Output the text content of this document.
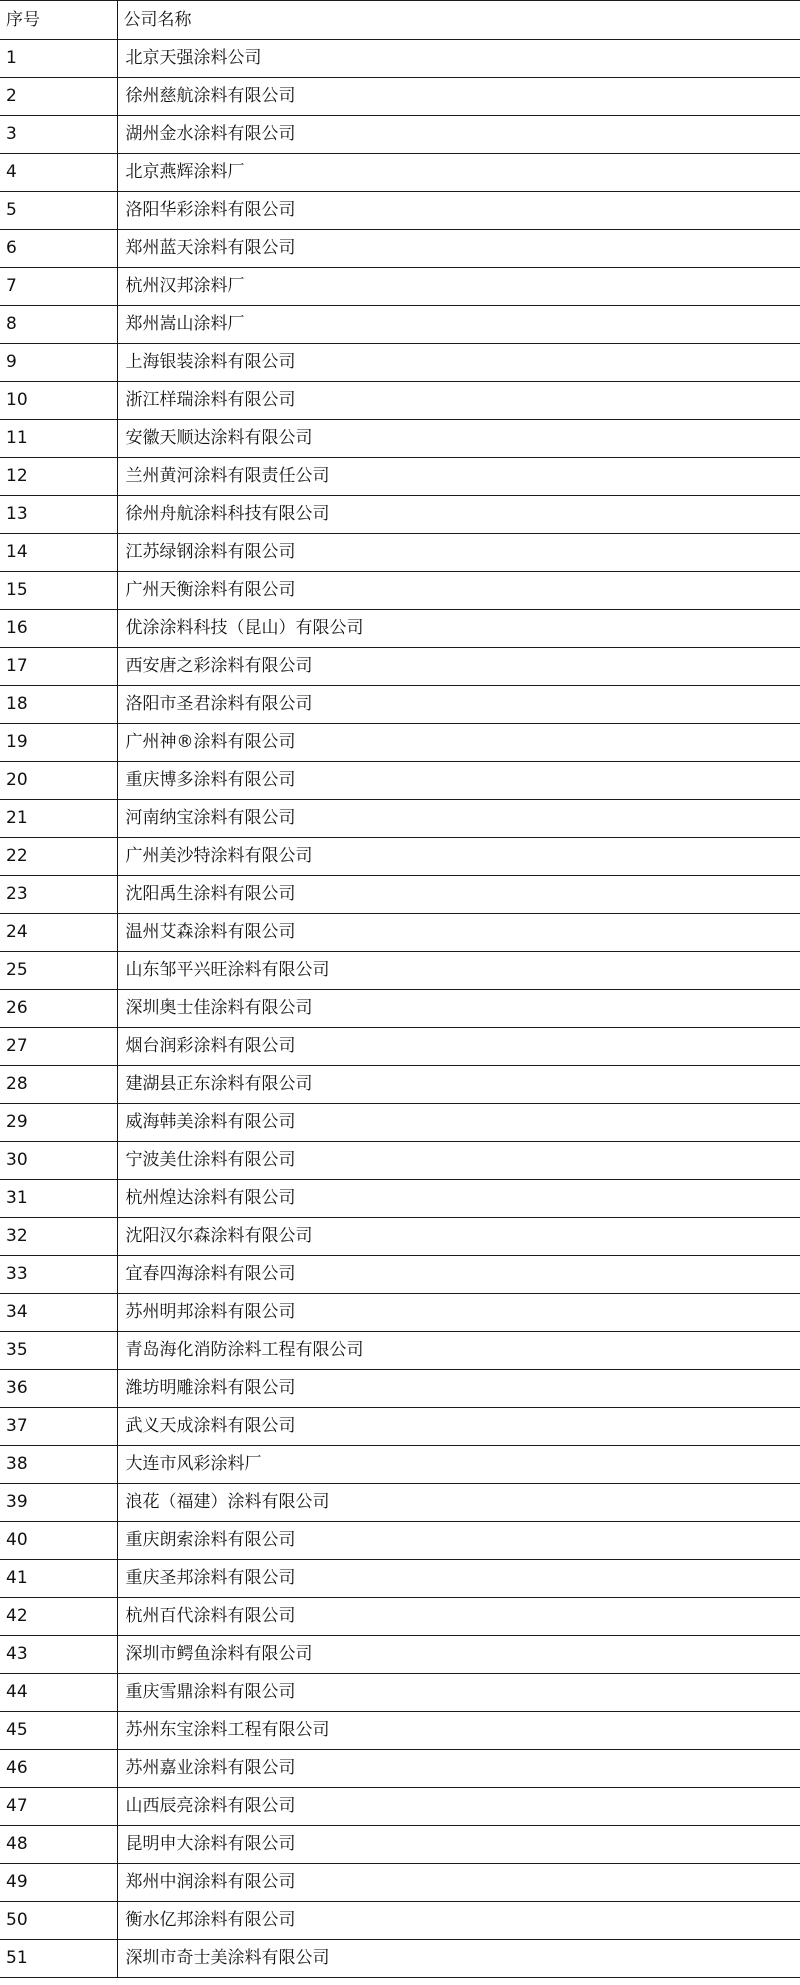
序号	公司名称
1	北京天强涂料公司
2	徐州慈航涂料有限公司
3	湖州金水涂料有限公司
4	北京燕辉涂料厂
5	洛阳华彩涂料有限公司
6	郑州蓝天涂料有限公司
7	杭州汉邦涂料厂
8	郑州嵩山涂料厂
9	上海银装涂料有限公司
10	浙江样瑞涂料有限公司
11	安徽天顺达涂料有限公司
12	兰州黄河涂料有限责任公司
13	徐州舟航涂料科技有限公司
14	江苏绿钢涂料有限公司
15	广州天衡涂料有限公司
16	优涂涂料科技（昆山）有限公司
17	西安唐之彩涂料有限公司
18	洛阳市圣君涂料有限公司
19	广州神®涂料有限公司
20	重庆博多涂料有限公司
21	河南纳宝涂料有限公司
22	广州美沙特涂料有限公司
23	沈阳禹生涂料有限公司
24	温州艾森涂料有限公司
25	山东邹平兴旺涂料有限公司
26	深圳奥士佳涂料有限公司
27	烟台润彩涂料有限公司
28	建湖县正东涂料有限公司
29	威海韩美涂料有限公司
30	宁波美仕涂料有限公司
31	杭州煌达涂料有限公司
32	沈阳汉尔森涂料有限公司
33	宜春四海涂料有限公司
34	苏州明邦涂料有限公司
35	青岛海化消防涂料工程有限公司
36	潍坊明雕涂料有限公司
37	武义天成涂料有限公司
38	大连市风彩涂料厂
39	浪花（福建）涂料有限公司
40	重庆朗索涂料有限公司
41	重庆圣邦涂料有限公司
42	杭州百代涂料有限公司
43	深圳市鳄鱼涂料有限公司
44	重庆雪鼎涂料有限公司
45	苏州东宝涂料工程有限公司
46	苏州嘉业涂料有限公司
47	山西辰亮涂料有限公司
48	昆明申大涂料有限公司
49	郑州中润涂料有限公司
50	衡水亿邦涂料有限公司
51	深圳市奇士美涂料有限公司
